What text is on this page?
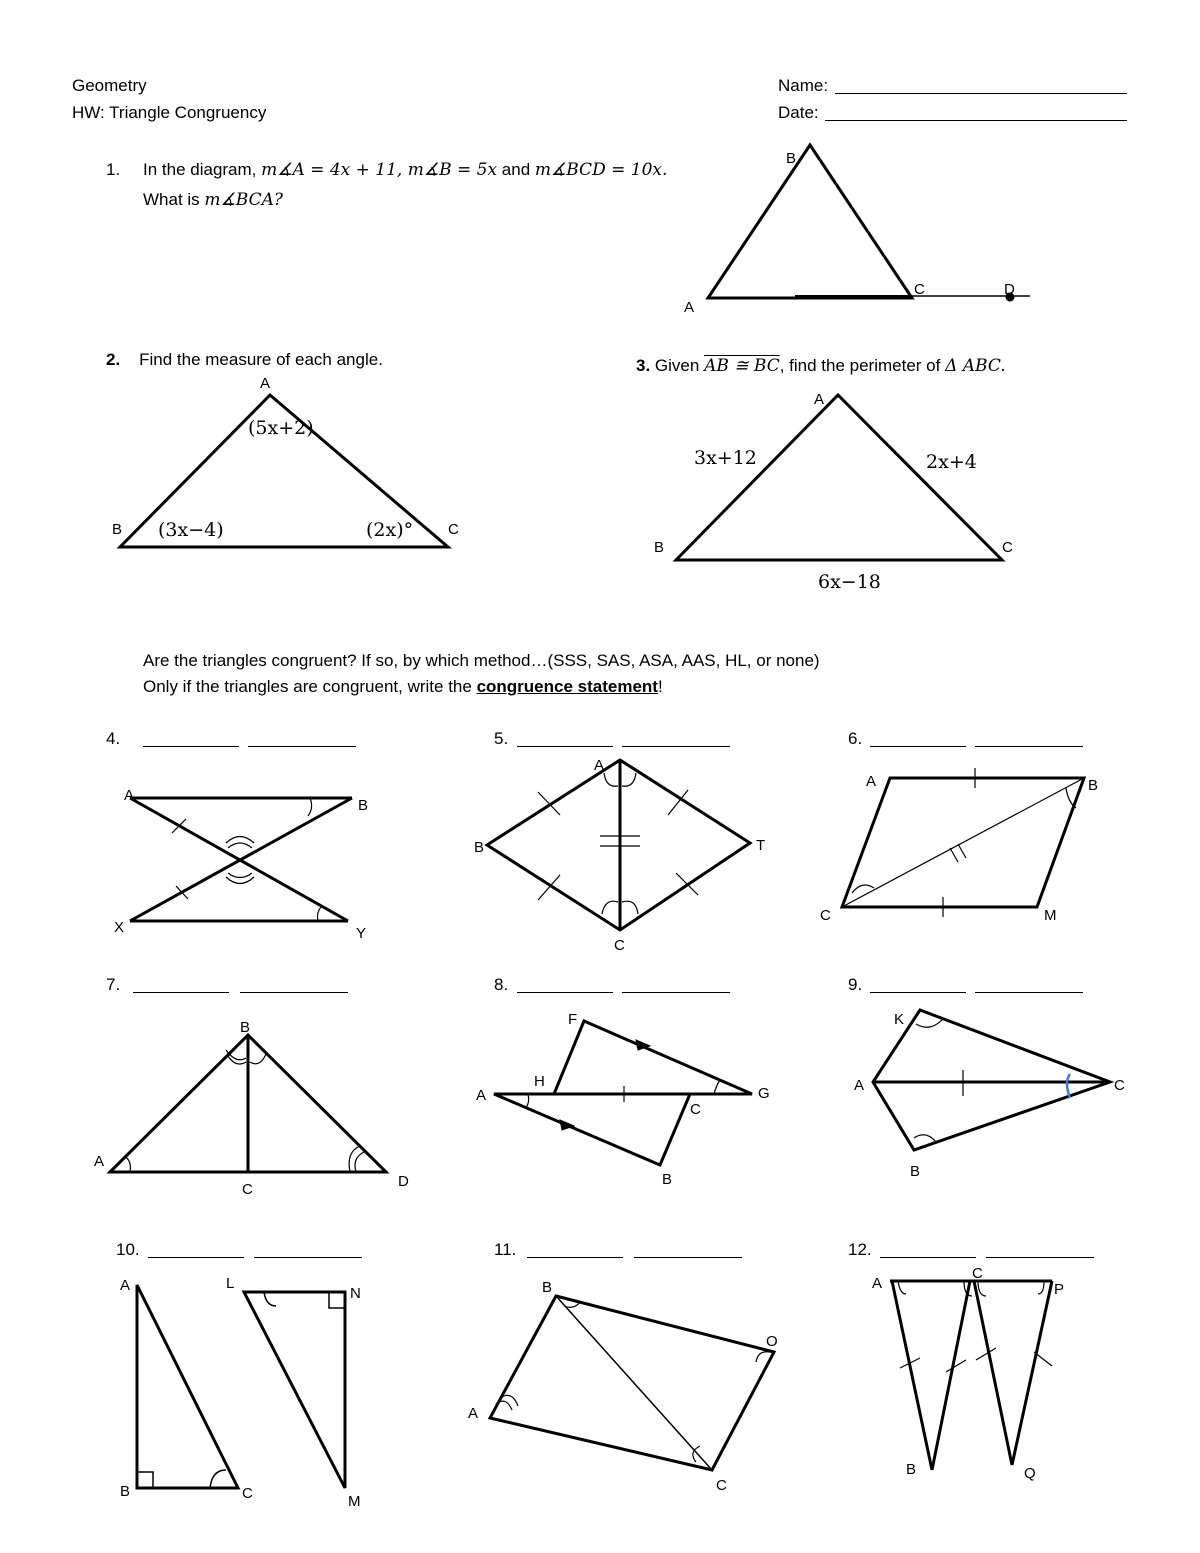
Geometry
HW: Triangle Congruency
Name:
Date:
1. In the diagram, m∡A = 4x + 11, m∡B = 5x and m∡BCD = 10x.
What is m∡BCA?
2. Find the measure of each angle.	3. Given AB ≅ BC, find the perimeter of Δ ABC.
Are the triangles congruent? If so, by which method…(SSS, SAS, ASA, AAS, HL, or none)
Only if the triangles are congruent, write the congruence statement!
4.	5.	6.
7.	8.	9.
10.	11.	12.
B
A
C	D
A
B	C
(5x+2)
(3x−4)	(2x)°
A
B	C
3x+12	2x+4
6x−18
A
B
X	Y
A
B	T
C
A	B
C	M
B
A
C	D
F
H
A	G
C
B
K
A	C
B
A	L
N
B	C	M
B
O
A
C
A
C
P
B	Q
